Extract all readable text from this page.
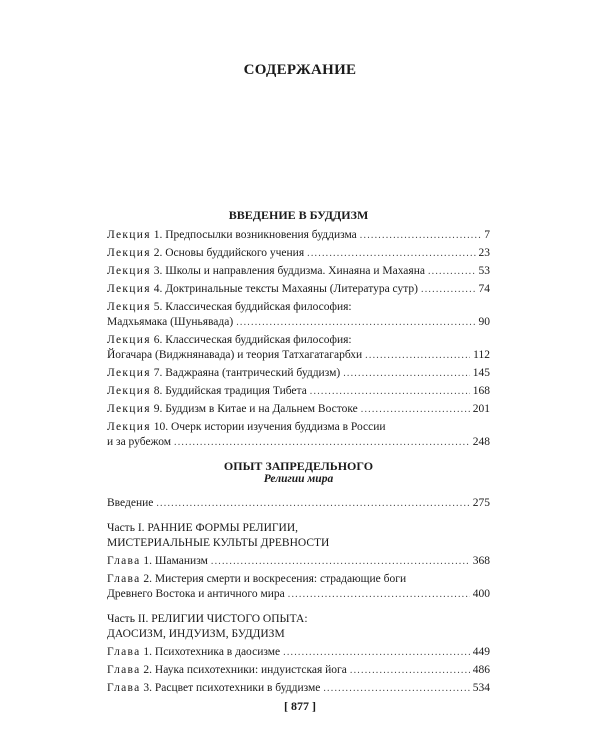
СОДЕРЖАНИЕ
ВВЕДЕНИЕ В БУДДИЗМ
Лекция 1. Предпосылки возникновения буддизма .....	7
Лекция 2. Основы буддийского учения .....	23
Лекция 3. Школы и направления буддизма. Хинаяна и Махаяна .....	53
Лекция 4. Доктринальные тексты Махаяны (Литература сутр) .....	74
Лекция 5. Классическая буддийская философия:
Мадхьямака (Шуньявада) .....	90
Лекция 6. Классическая буддийская философия:
Йогачара (Виджнянавада) и теория Татхагатагарбхи .....	112
Лекция 7. Ваджраяна (тантрический буддизм) .....	145
Лекция 8. Буддийская традиция Тибета .....	168
Лекция 9. Буддизм в Китае и на Дальнем Востоке .....	201
Лекция 10. Очерк истории изучения буддизма в России
и за рубежом .....	248
ОПЫТ ЗАПРЕДЕЛЬНОГО
Религии мира
Введение .....	275
Часть I. РАННИЕ ФОРМЫ РЕЛИГИИ,
МИСТЕРИАЛЬНЫЕ КУЛЬТЫ ДРЕВНОСТИ
Глава 1. Шаманизм .....	368
Глава 2. Мистерия смерти и воскресения: страдающие боги
Древнего Востока и античного мира .....	400
Часть II. РЕЛИГИИ ЧИСТОГО ОПЫТА:
ДАОСИЗМ, ИНДУИЗМ, БУДДИЗМ
Глава 1. Психотехника в даосизме .....	449
Глава 2. Наука психотехники: индуистская йога .....	486
Глава 3. Расцвет психотехники в буддизме .....	534
[ 877 ]
